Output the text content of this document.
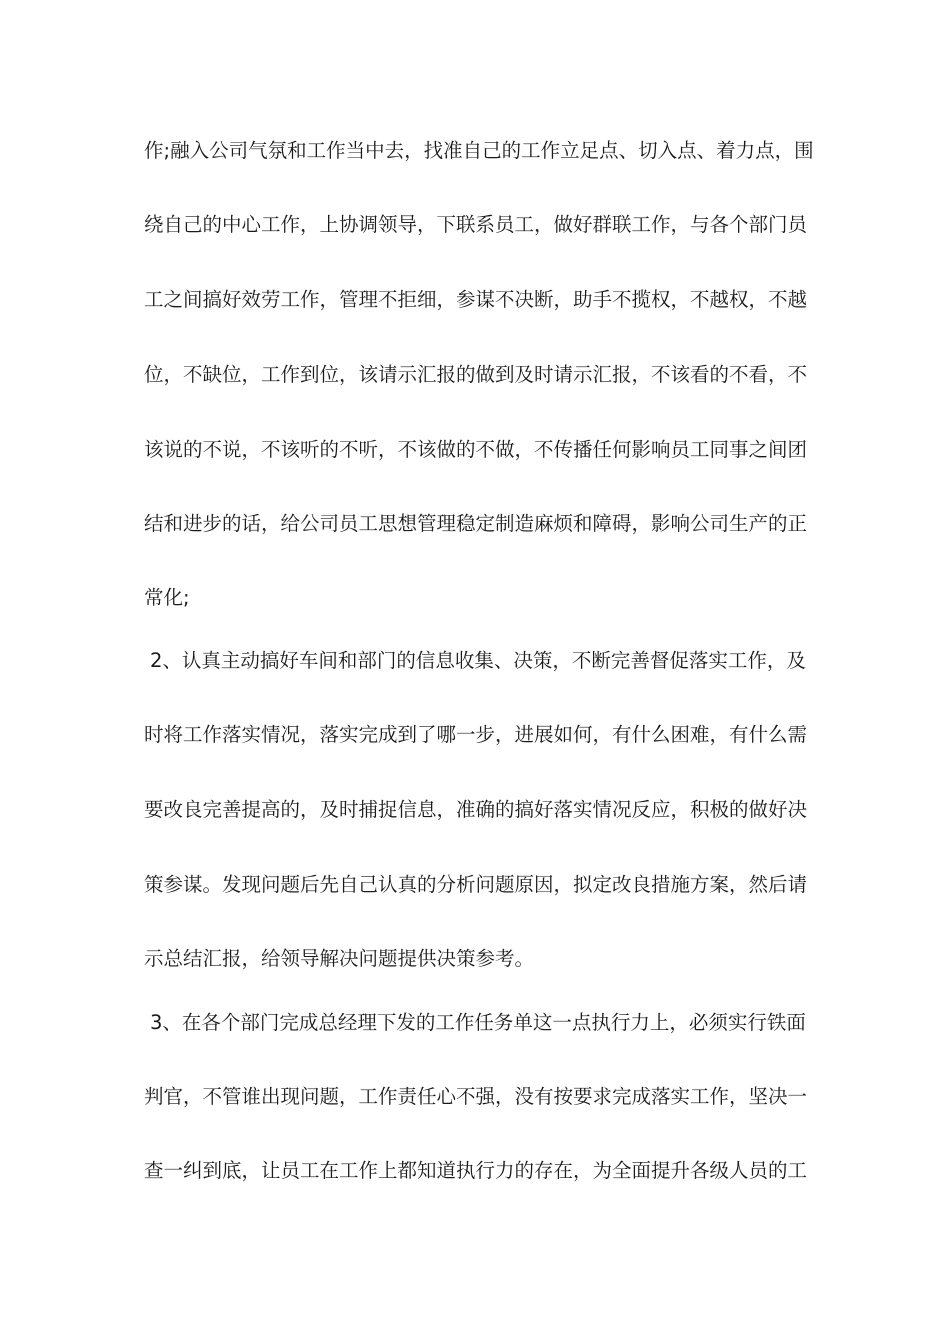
作;融入公司气氛和工作当中去，找准自己的工作立足点、切入点、着力点，围
绕自己的中心工作，上协调领导，下联系员工，做好群联工作，与各个部门员
工之间搞好效劳工作，管理不拒细，参谋不决断，助手不揽权，不越权，不越
位，不缺位，工作到位，该请示汇报的做到及时请示汇报，不该看的不看，不
该说的不说，不该听的不听，不该做的不做，不传播任何影响员工同事之间团
结和进步的话，给公司员工思想管理稳定制造麻烦和障碍，影响公司生产的正
常化;
2、认真主动搞好车间和部门的信息收集、决策，不断完善督促落实工作，及
时将工作落实情况，落实完成到了哪一步，进展如何，有什么困难，有什么需
要改良完善提高的，及时捕捉信息，准确的搞好落实情况反应，积极的做好决
策参谋。发现问题后先自己认真的分析问题原因，拟定改良措施方案，然后请
示总结汇报，给领导解决问题提供决策参考。
3、在各个部门完成总经理下发的工作任务单这一点执行力上，必须实行铁面
判官，不管谁出现问题，工作责任心不强，没有按要求完成落实工作，坚决一
查一纠到底，让员工在工作上都知道执行力的存在，为全面提升各级人员的工
